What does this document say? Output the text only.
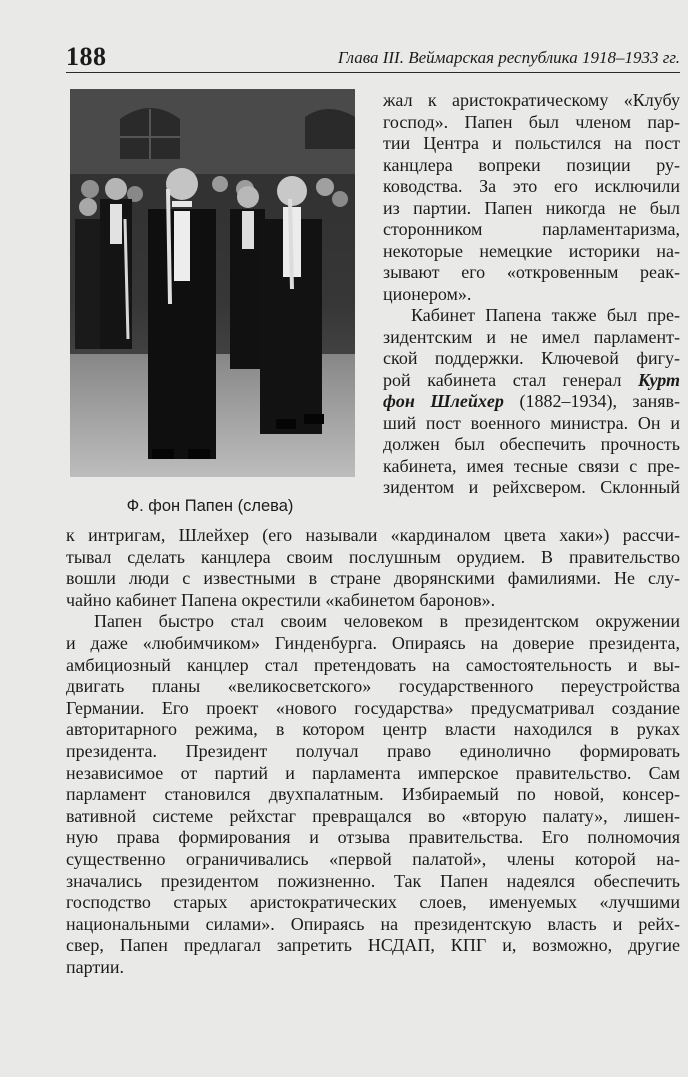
188	Глава III. Веймарская республика 1918–1933 гг.
Ф. фон Папен (слева)
жал к аристократическому «Клубу
господ». Папен был членом пар-
тии Центра и польстился на пост
канцлера вопреки позиции ру-
ководства. За это его исключили
из партии. Папен никогда не был
сторонником парламентаризма,
некоторые немецкие историки на-
зывают его «откровенным реак-
ционером».
Кабинет Папена также был пре-
зидентским и не имел парламент-
ской поддержки. Ключевой фигу-
рой кабинета стал генерал Курт
фон Шлейхер (1882–1934), заняв-
ший пост военного министра. Он и
должен был обеспечить прочность
кабинета, имея тесные связи с пре-
зидентом и рейхсвером. Склонный
к интригам, Шлейхер (его называли «кардиналом цвета хаки») рассчи-
тывал сделать канцлера своим послушным орудием. В правительство
вошли люди с известными в стране дворянскими фамилиями. Не слу-
чайно кабинет Папена окрестили «кабинетом баронов».
Папен быстро стал своим человеком в президентском окружении
и даже «любимчиком» Гинденбурга. Опираясь на доверие президента,
амбициозный канцлер стал претендовать на самостоятельность и вы-
двигать планы «великосветского» государственного переустройства
Германии. Его проект «нового государства» предусматривал создание
авторитарного режима, в котором центр власти находился в руках
президента. Президент получал право единолично формировать
независимое от партий и парламента имперское правительство. Сам
парламент становился двухпалатным. Избираемый по новой, консер-
вативной системе рейхстаг превращался во «вторую палату», лишен-
ную права формирования и отзыва правительства. Его полномочия
существенно ограничивались «первой палатой», члены которой на-
значались президентом пожизненно. Так Папен надеялся обеспечить
господство старых аристократических слоев, именуемых «лучшими
национальными силами». Опираясь на президентскую власть и рейх-
свер, Папен предлагал запретить НСДАП, КПГ и, возможно, другие
партии.
